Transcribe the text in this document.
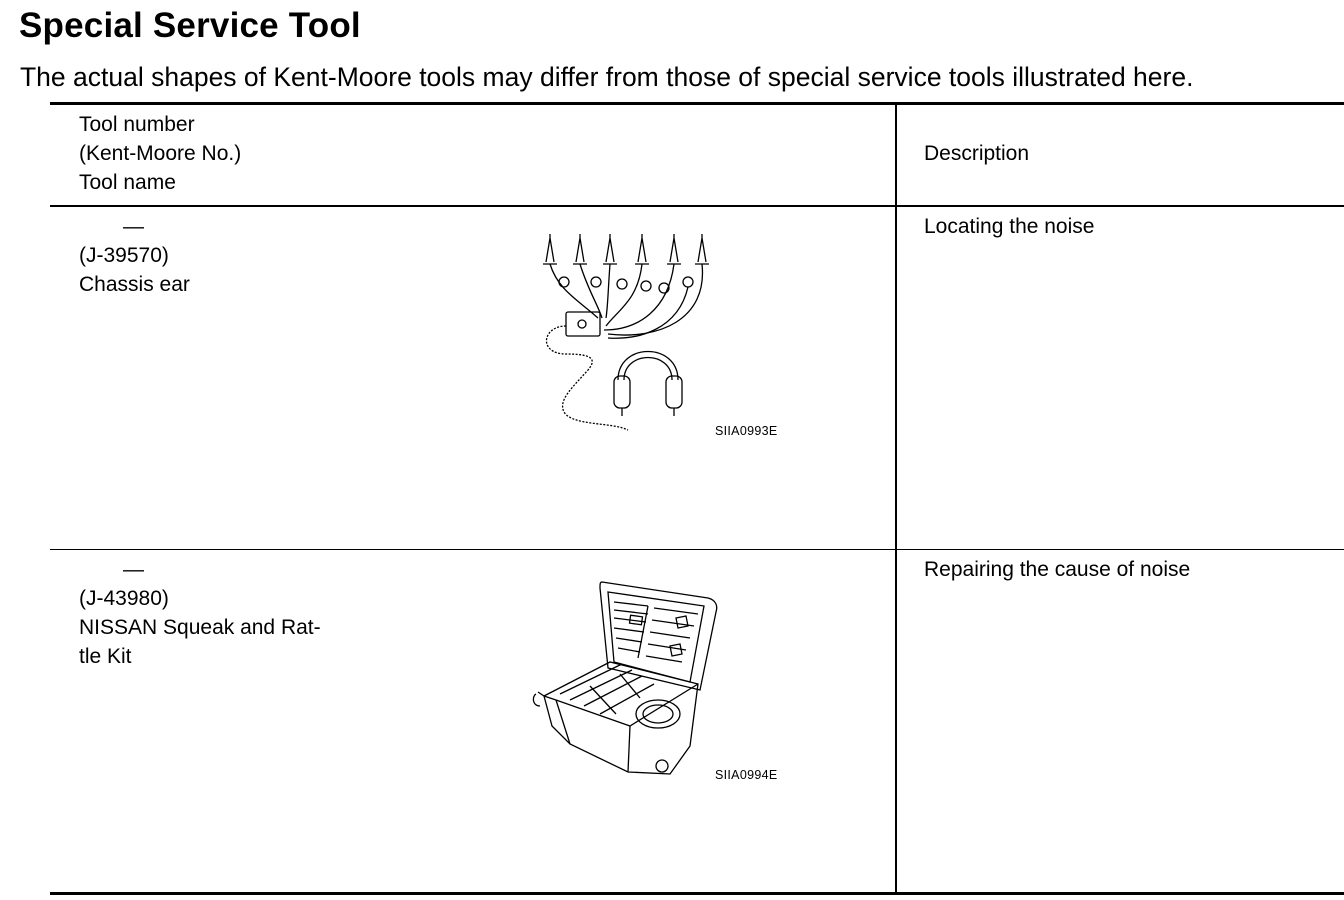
Special Service Tool

The actual shapes of Kent-Moore tools may differ from those of special service tools illustrated here.

Tool number
(Kent-Moore No.)
Tool name
Description
—
(J-39570)
Chassis ear
Locating the noise
SIIA0993E
—
(J-43980)
NISSAN Squeak and Rat-
tle Kit
Repairing the cause of noise
SIIA0994E
